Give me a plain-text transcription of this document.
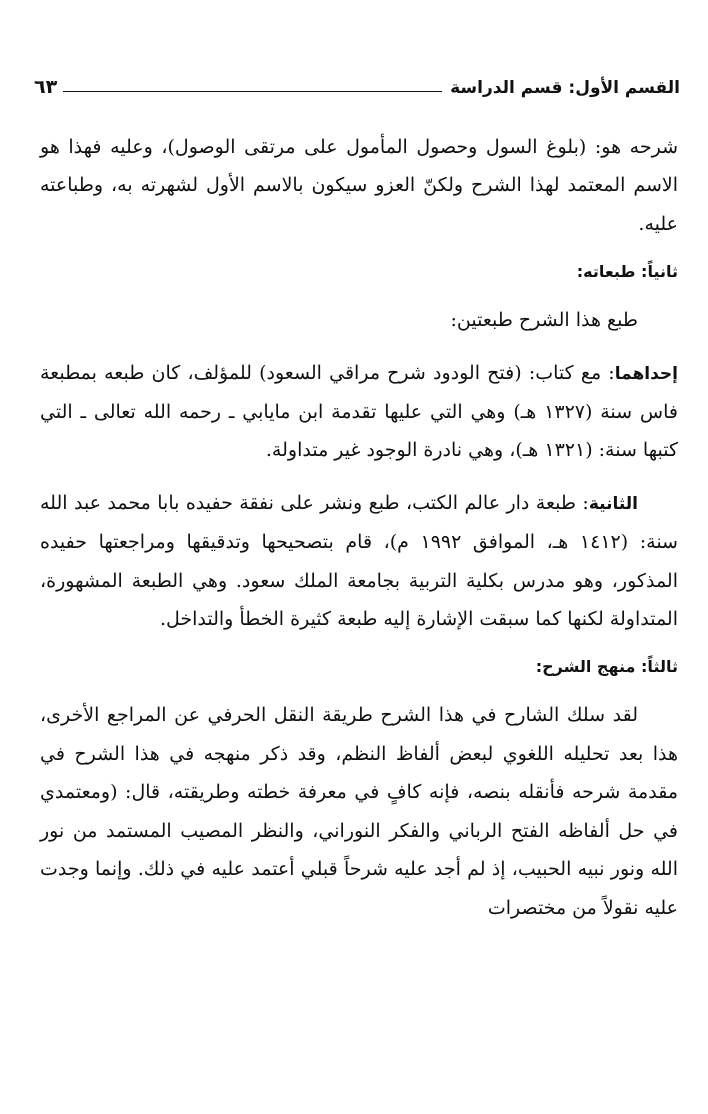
القسم الأول: قسم الدراسة
٦٣

شرحه هو: (بلوغ السول وحصول المأمول على مرتقى الوصول)، وعليه فهذا هو الاسم المعتمد لهذا الشرح ولكنّ العزو سيكون بالاسم الأول لشهرته به، وطباعته عليه.

ثانياً: طبعاته:

طبع هذا الشرح طبعتين:

إحداهما: مع كتاب: (فتح الودود شرح مراقي السعود) للمؤلف، كان طبعه بمطبعة فاس سنة (١٣٢٧ هـ) وهي التي عليها تقدمة ابن مايابي ـ رحمه الله تعالى ـ التي كتبها سنة: (١٣٢١ هـ)، وهي نادرة الوجود غير متداولة.

الثانية: طبعة دار عالم الكتب، طبع ونشر على نفقة حفيده بابا محمد عبد الله سنة: (١٤١٢ هـ، الموافق ١٩٩٢ م)، قام بتصحيحها وتدقيقها ومراجعتها حفيده المذكور، وهو مدرس بكلية التربية بجامعة الملك سعود. وهي الطبعة المشهورة، المتداولة لكنها كما سبقت الإشارة إليه طبعة كثيرة الخطأ والتداخل.

ثالثاً: منهج الشرح:

لقد سلك الشارح في هذا الشرح طريقة النقل الحرفي عن المراجع الأخرى، هذا بعد تحليله اللغوي لبعض ألفاظ النظم، وقد ذكر منهجه في هذا الشرح في مقدمة شرحه فأنقله بنصه، فإنه كافٍ في معرفة خطته وطريقته، قال: (ومعتمدي في حل ألفاظه الفتح الرباني والفكر النوراني، والنظر المصيب المستمد من نور الله ونور نبيه الحبيب، إذ لم أجد عليه شرحاً قبلي أعتمد عليه في ذلك. وإنما وجدت عليه نقولاً من مختصرات
